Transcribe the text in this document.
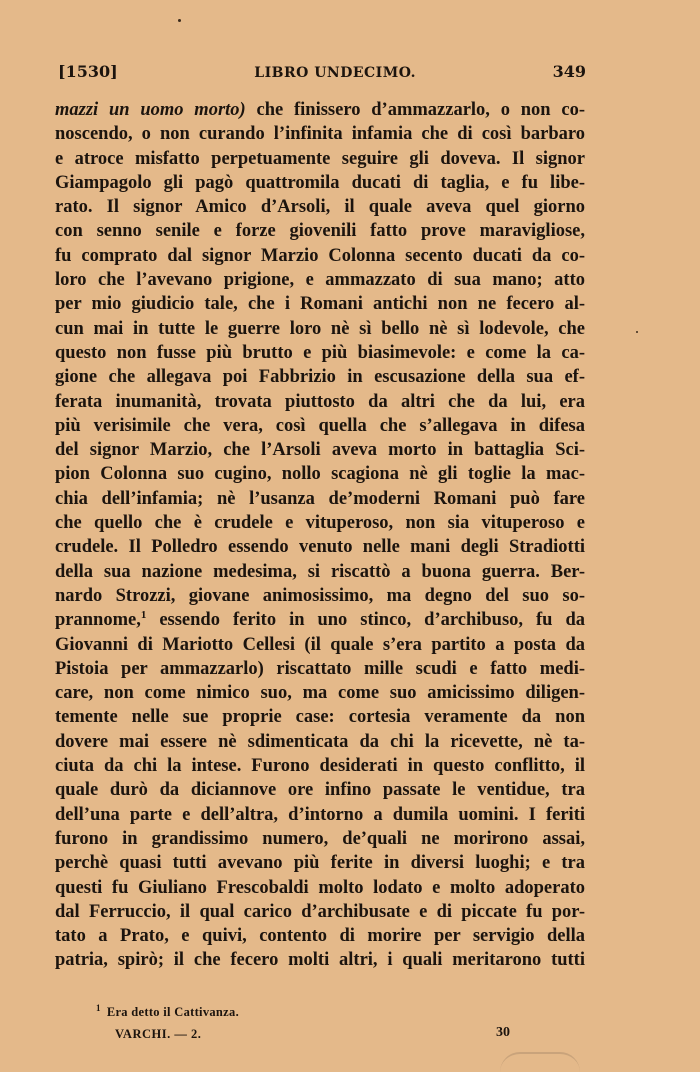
[1530]	LIBRO UNDECIMO.	349
mazzi un uomo morto) che finissero d’ammazzarlo, o non co-
noscendo, o non curando l’infinita infamia che di così barbaro
e atroce misfatto perpetuamente seguire gli doveva. Il signor
Giampagolo gli pagò quattromila ducati di taglia, e fu libe-
rato. Il signor Amico d’Arsoli, il quale aveva quel giorno
con senno senile e forze giovenili fatto prove maravigliose,
fu comprato dal signor Marzio Colonna secento ducati da co-
loro che l’avevano prigione, e ammazzato di sua mano; atto
per mio giudicio tale, che i Romani antichi non ne fecero al-
cun mai in tutte le guerre loro nè sì bello nè sì lodevole, che
questo non fusse più brutto e più biasimevole: e come la ca-
gione che allegava poi Fabbrizio in escusazione della sua ef-
ferata inumanità, trovata piuttosto da altri che da lui, era
più verisimile che vera, così quella che s’allegava in difesa
del signor Marzio, che l’Arsoli aveva morto in battaglia Sci-
pion Colonna suo cugino, nollo scagiona nè gli toglie la mac-
chia dell’infamia; nè l’usanza de’moderni Romani può fare
che quello che è crudele e vituperoso, non sia vituperoso e
crudele. Il Polledro essendo venuto nelle mani degli Stradiotti
della sua nazione medesima, si riscattò a buona guerra. Ber-
nardo Strozzi, giovane animosissimo, ma degno del suo so-
prannome,$^1$ essendo ferito in uno stinco, d’archibuso, fu da
Giovanni di Mariotto Cellesi (il quale s’era partito a posta da
Pistoia per ammazzarlo) riscattato mille scudi e fatto medi-
care, non come nimico suo, ma come suo amicissimo diligen-
temente nelle sue proprie case: cortesia veramente da non
dovere mai essere nè sdimenticata da chi la ricevette, nè ta-
ciuta da chi la intese. Furono desiderati in questo conflitto, il
quale durò da diciannove ore infino passate le ventidue, tra
dell’una parte e dell’altra, d’intorno a dumila uomini. I feriti
furono in grandissimo numero, de’quali ne morirono assai,
perchè quasi tutti avevano più ferite in diversi luoghi; e tra
questi fu Giuliano Frescobaldi molto lodato e molto adoperato
dal Ferruccio, il qual carico d’archibusate e di piccate fu por-
tato a Prato, e quivi, contento di morire per servigio della
patria, spirò; il che fecero molti altri, i quali meritarono tutti
$^1$ Era detto il Cattivanza.
VARCHI. — 2.	30
